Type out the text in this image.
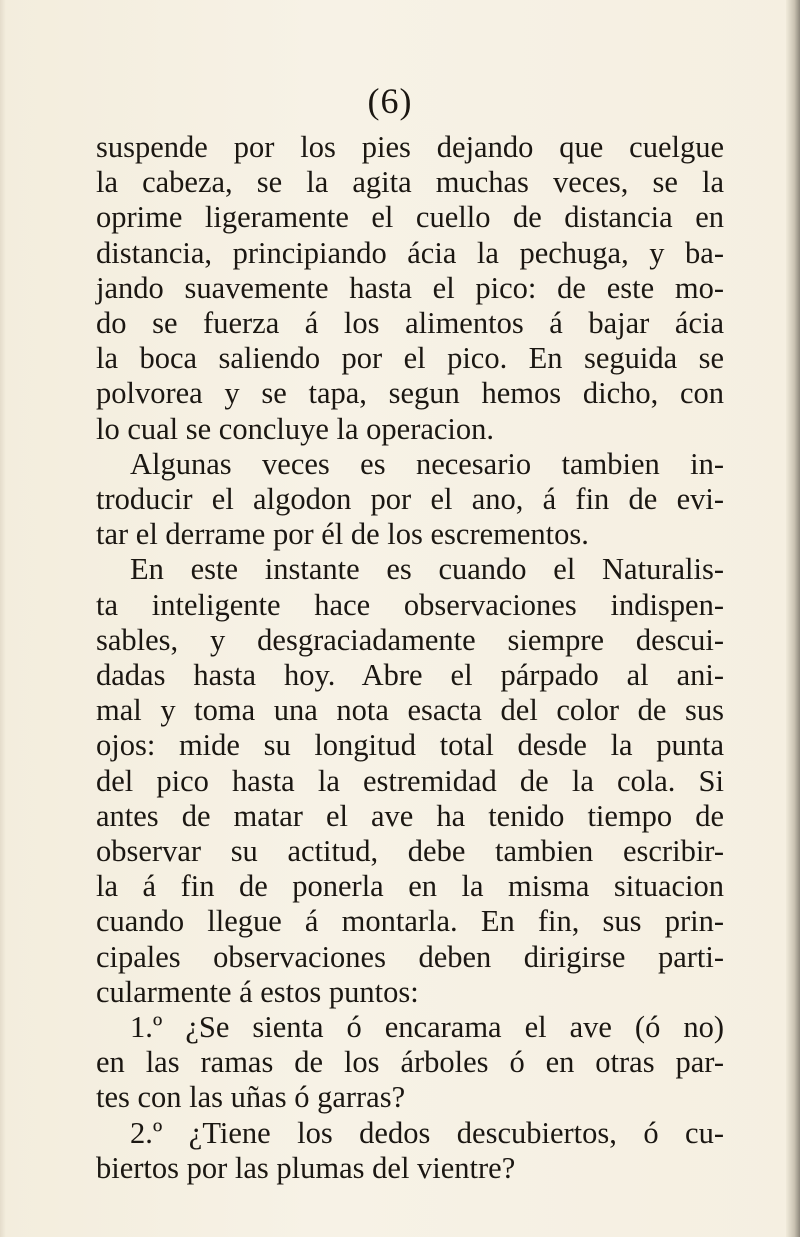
(6)
suspende por los pies dejando que cuelgue
la cabeza, se la agita muchas veces, se la
oprime ligeramente el cuello de distancia en
distancia, principiando ácia la pechuga, y ba-
jando suavemente hasta el pico: de este mo-
do se fuerza á los alimentos á bajar ácia
la boca saliendo por el pico. En seguida se
polvorea y se tapa, segun hemos dicho, con
lo cual se concluye la operacion.
Algunas veces es necesario tambien in-
troducir el algodon por el ano, á fin de evi-
tar el derrame por él de los escrementos.
En este instante es cuando el Naturalis-
ta inteligente hace observaciones indispen-
sables, y desgraciadamente siempre descui-
dadas hasta hoy. Abre el párpado al ani-
mal y toma una nota esacta del color de sus
ojos: mide su longitud total desde la punta
del pico hasta la estremidad de la cola. Si
antes de matar el ave ha tenido tiempo de
observar su actitud, debe tambien escribir-
la á fin de ponerla en la misma situacion
cuando llegue á montarla. En fin, sus prin-
cipales observaciones deben dirigirse parti-
cularmente á estos puntos:
1.º ¿Se sienta ó encarama el ave (ó no)
en las ramas de los árboles ó en otras par-
tes con las uñas ó garras?
2.º ¿Tiene los dedos descubiertos, ó cu-
biertos por las plumas del vientre?
